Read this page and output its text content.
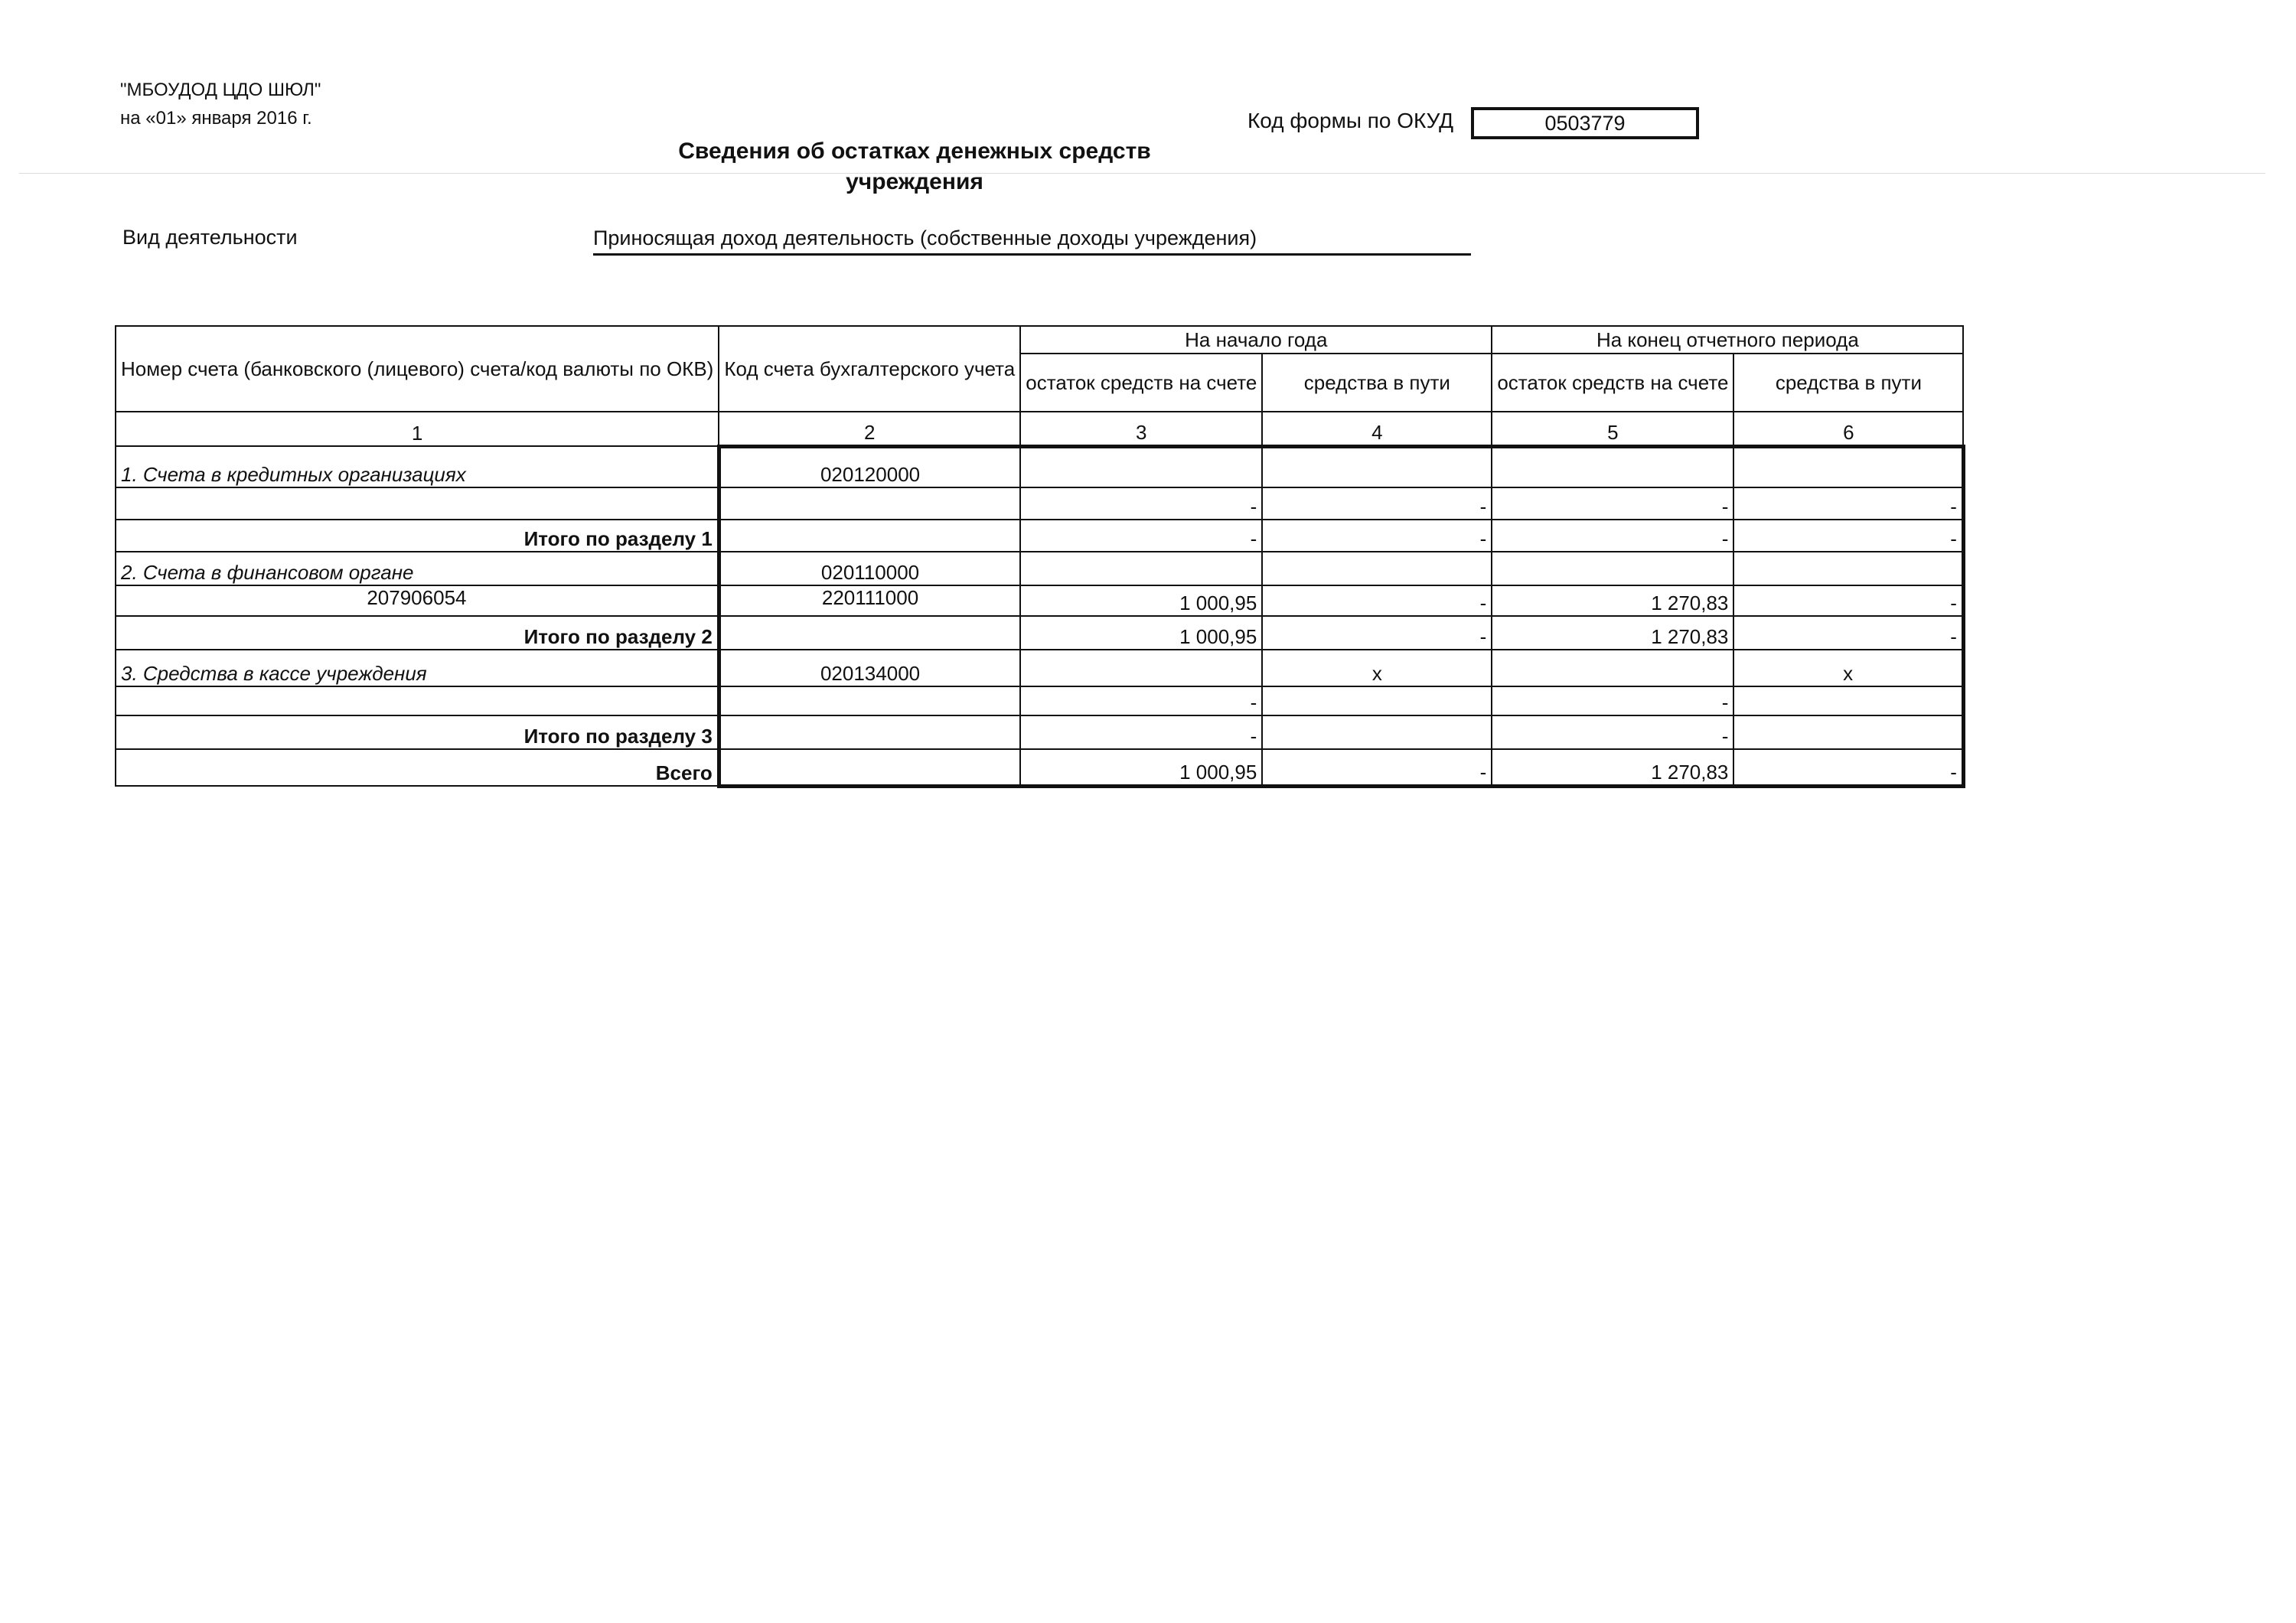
"МБОУДОД ЦДО ШЮЛ"
на «01» января 2016 г.	Код формы по ОКУД	0503779
Сведения об остатках денежных средств
учреждения
Вид деятельности	Приносящая доход деятельность (собственные доходы учреждения)
Номер счета (банковского (лицевого) счета/код валюты по ОКВ)	Код счета бухгалтерского учета	На начало года		На конец отчетного периода	
		остаток средств на счете	средства в пути	остаток средств на счете	средства в пути
1	2	3	4	5	6
1. Счета в кредитных организациях	020120000				
		-	-	-	-
Итого по разделу 1		-	-	-	-
2. Счета в финансовом органе	020110000				
207906054	220111000	1 000,95	-	1 270,83	-
Итого по разделу 2		1 000,95	-	1 270,83	-
3. Средства в кассе учреждения	020134000		x		x
		-		-	
Итого по разделу 3		-		-	
Всего		1 000,95	-	1 270,83	-
